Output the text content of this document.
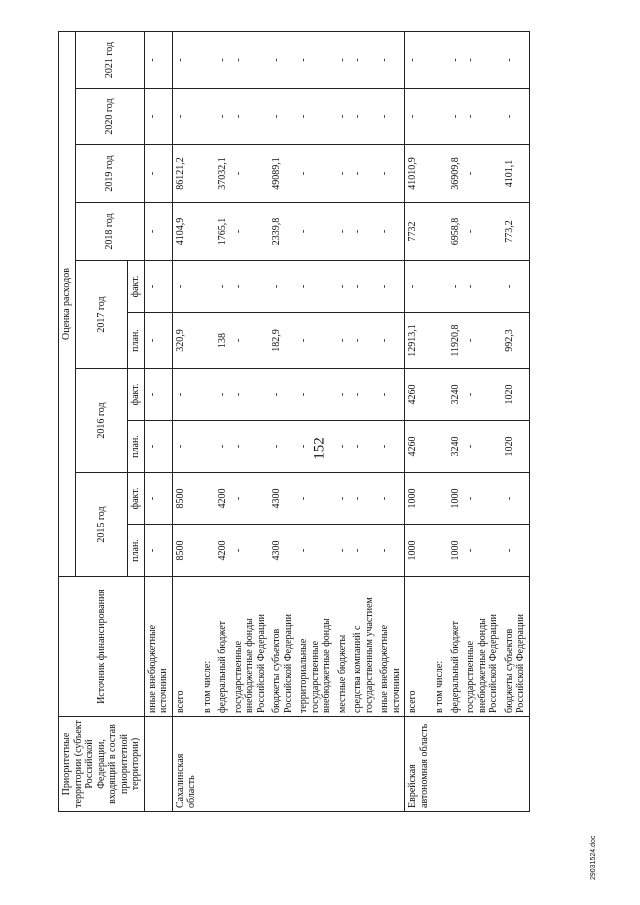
152
Приоритетные территории (субъект Российской Федерации, входящий в состав приоритетной территории)	Источник финансирования	Оценка расходов									
		2015 год		2016 год		2017 год		2018 год	2019 год	2020 год	2021 год
		план.	факт.	план.	факт.	план.	факт.				
	иные внебюджетные источники	-	-	-	-	-	-	-	-	-	-
Сахалинская область	всего	8500	8500	-	-	320,9	-	4104,9	86121,2	-	-
	в том числе:										
	федеральный бюджет	4200	4200	-	-	138	-	1765,1	37032,1	-	-
	государственные внебюджетные фонды Российской Федерации	-	-	-	-	-	-	-	-	-	-
	бюджеты субъектов Российской Федерации	4300	4300	-	-	182,9	-	2339,8	49089,1	-	-
	территориальные государственные внебюджетные фонды	-	-	-	-	-	-	-	-	-	-
	местные бюджеты	-	-	-	-	-	-	-	-	-	-
	средства компаний с государственным участием	-	-	-	-	-	-	-	-	-	-
	иные внебюджетные источники	-	-	-	-	-	-	-	-	-	-
Еврейская автономная область	всего	1000	1000	4260	4260	12913,1	-	7732	41010,9	-	-
	в том числе:										
	федеральный бюджет	1000	1000	3240	3240	11920,8	-	6958,8	36909,8	-	-
	государственные внебюджетные фонды Российской Федерации	-	-	-	-	-	-	-	-	-	-
	бюджеты субъектов Российской Федерации	-	-	1020	1020	992,3	-	773,2	4101,1	-	-
29031524.doc
